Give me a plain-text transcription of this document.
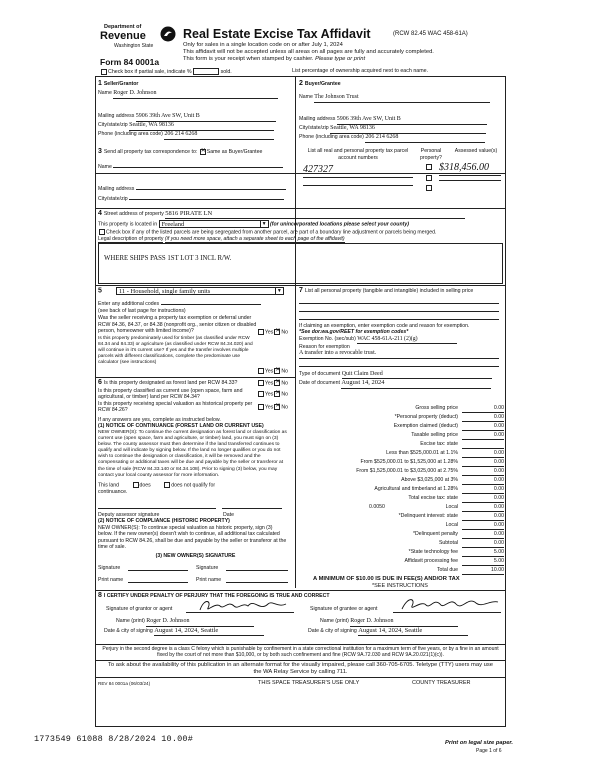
Department of
Revenue
Washington State
Form 84 0001a
Real Estate Excise Tax Affidavit	(RCW 82.45 WAC 458-61A)
Only for sales in a single location code on or after July 1, 2024
This affidavit will not be accepted unless all areas on all pages are fully and accurately completed.
This form is your receipt when stamped by cashier. Please type or print
Check box if partial sale, indicate %	sold.	List percentage of ownership acquired next to each name.
1 Seller/Grantor
Name Roger D. Johnson
Mailing address 5906 39th Ave SW, Unit B
City/state/zip Seattle, WA 98136
Phone (including area code) 206 214 6268
2 Buyer/Grantee
Name The Johnson Trust
Mailing address 5906 39th Ave SW, Unit B
City/state/zip Seattle, WA 98136
Phone (including area code) 206 214 6268
3 Send all property tax correspondence to: ✕ Same as Buyer/Grantee
Name
Mailing address
City/state/zip
List all real and personal property tax parcel account numbers
Personal property?
Assessed value(s)
427327	$318,456.00
4 Street address of property 5816 PIRATE LN
This property is located in Freeland	▼ (for unincorporated locations please select your county)
Check box if any of the listed parcels are being segregated from another parcel, are part of a boundary line adjustment or parcels being merged.
Legal description of property (if you need more space, attach a separate sheet to each page of the affidavit)
WHERE SHIPS PASS 1ST LOT 3 INCL R/W.
5 11 - Household, single family units	▼
Enter any additional codes
(see back of last page for instructions)
Was the seller receiving a property tax exemption or deferral under RCW 84.36, 84.37, or 84.38 (nonprofit org., senior citizen or disabled person, homeowner with limited income)?	Yes ✕ No
Is this property predominately used for timber (as classified under RCW 84.34 and 84.33) or agriculture (as classified under RCW 84.34.020) and will continue in it's current use? If yes and the transfer involves multiple parcels with different classifications, complete the predominate use calculator (see instructions)
Yes ✕ No
6 Is this property designated as forest land per RCW 84.33?	Yes ✕ No
Is this property classified as current use (open space, farm and agricultural, or timber) land per RCW 84.34?
Yes ✕ No
Is this property receiving special valuation as historical property per RCW 84.26?
Yes ✕ No
If any answers are yes, complete as instructed below.
(1) NOTICE OF CONTINUANCE (FOREST LAND OR CURRENT USE)
NEW OWNER(S): To continue the current designation as forest land or classification as current use (open space, farm and agriculture, or timber) land, you must sign on (3) below. The county assessor must then determine if the land transferred continues to qualify and will indicate by signing below. If the land no longer qualifies or you do not wish to continue the designation or classification, it will be removed and the compensating or additional taxes will be due and payable by the seller or transferor at the time of sale (RCW 84.33.140 or 84.34.108). Prior to signing (3) below, you may contact your local county assessor for more information.
This land	does	does not qualify for
continuance.
Deputy assessor signature	Date
(2) NOTICE OF COMPLIANCE (HISTORIC PROPERTY)
NEW OWNER(S): To continue special valuation as historic property, sign (3) below. If the new owner(s) doesn't wish to continue, all additional tax calculated pursuant to RCW 84.26, shall be due and payable by the seller or transferor at the time of sale.
(3) NEW OWNER(S) SIGNATURE
Signature	Signature
Print name	Print name
7 List all personal property (tangible and intangible) included in selling price
If claiming an exemption, enter exemption code and reason for exemption.
*See dor.wa.gov/REET for exemption codes*
Exemption No. (sec/sub) WAC 458-61A-211 (2)(g)
Reason for exemption
A transfer into a revocable trust.
Type of document Quit Claim Deed
Date of document August 14, 2024
Gross selling price	0.00
*Personal property (deduct)	0.00
Exemption claimed (deduct)	0.00
Taxable selling price	0.00
Excise tax: state
Less than $525,000.01 at 1.1%	0.00
From $525,000.01 to $1,525,000 at 1.28%	0.00
From $1,525,000.01 to $3,025,000 at 2.75%	0.00
Above $3,025,000 at 3%	0.00
Agricultural and timberland at 1.28%	0.00
Total excise tax: state	0.00
Local
0.0050	0.00
*Delinquent interest: state	0.00
Local	0.00
*Delinquent penalty	0.00
Subtotal	0.00
*State technology fee	5.00
Affidavit processing fee	5.00
Total due	10.00
A MINIMUM OF $10.00 IS DUE IN FEE(S) AND/OR TAX
*SEE INSTRUCTIONS
8 I CERTIFY UNDER PENALTY OF PERJURY THAT THE FOREGOING IS TRUE AND CORRECT
Signature of grantor or agent	Signature of grantee or agent
Name (print) Roger D. Johnson	Name (print) Roger D. Johnson
Date & city of signing August 14, 2024, Seattle	Date & city of signing August 14, 2024, Seattle
Perjury in the second degree is a class C felony which is punishable by confinement in a state correctional institution for a maximum term of five years, or by a fine in an amount fixed by the court of not more than $10,000, or by both such confinement and fine (RCW 9A.72.030 and RCW 9A.20.021(1)(c)).
To ask about the availability of this publication in an alternate format for the visually impaired, please call 360-705-6705. Teletype (TTY) users may use the WA Relay Service by calling 711.
REV 84 0001a (06/03/24)	THIS SPACE TREASURER'S USE ONLY	COUNTY TREASURER
1773549 61088 8/28/2024 10.00#	Print on legal size paper.
Page 1 of 6
